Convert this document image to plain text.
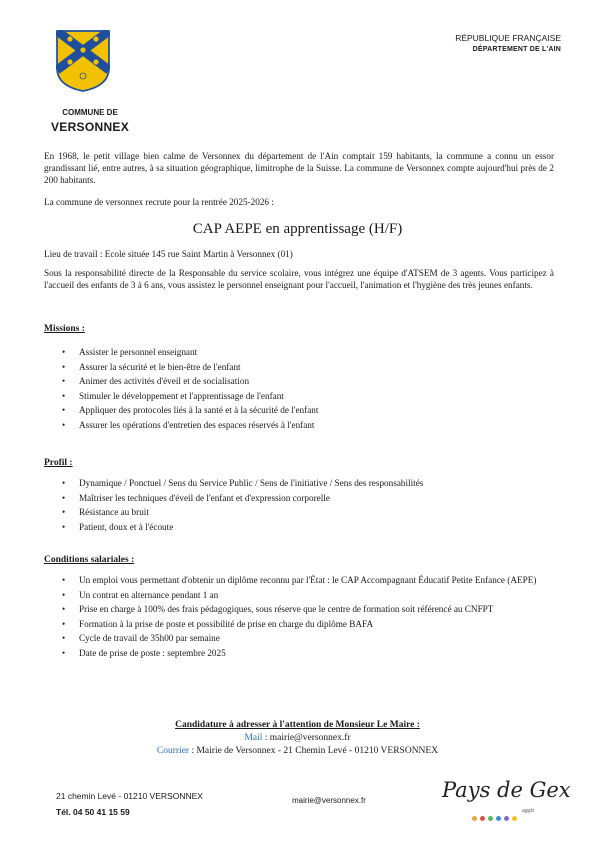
COMMUNE DE
VERSONNEX
RÉPUBLIQUE FRANÇAISE
DÉPARTEMENT DE L'AIN
En 1968, le petit village bien calme de Versonnex du département de l'Ain comptait 159 habitants, la commune a connu un essor grandissant lié, entre autres, à sa situation géographique, limitrophe de la Suisse. La commune de Versonnex compte aujourd'hui près de 2 200 habitants.
La commune de versonnex recrute pour la rentrée 2025-2026 :
CAP AEPE en apprentissage (H/F)
Lieu de travail : Ecole située 145 rue Saint Martin à Versonnex (01)
Sous la responsabilité directe de la Responsable du service scolaire, vous intégrez une équipe d'ATSEM de 3 agents. Vous participez à l'accueil des enfants de 3 à 6 ans, vous assistez le personnel enseignant pour l'accueil, l'animation et l'hygiène des très jeunes enfants.
Missions :
• Assister le personnel enseignant
• Assurer la sécurité et le bien-être de l'enfant
• Animer des activités d'éveil et de socialisation
• Stimuler le développement et l'apprentissage de l'enfant
• Appliquer des protocoles liés à la santé et à la sécurité de l'enfant
• Assurer les opérations d'entretien des espaces réservés à l'enfant
Profil :
• Dynamique / Ponctuel / Sens du Service Public / Sens de l'initiative / Sens des responsabilités
• Maîtriser les techniques d'éveil de l'enfant et d'expression corporelle
• Résistance au bruit
• Patient, doux et à l'écoute
Conditions salariales :
• Un emploi vous permettant d'obtenir un diplôme reconnu par l'État : le CAP Accompagnant Éducatif Petite Enfance (AEPE)
• Un contrat en alternance pendant 1 an
• Prise en charge à 100% des frais pédagogiques, sous réserve que le centre de formation soit référencé au CNFPT
• Formation à la prise de poste et possibilité de prise en charge du diplôme BAFA
• Cycle de travail de 35h00 par semaine
• Date de prise de poste : septembre 2025
Candidature à adresser à l'attention de Monsieur Le Maire :
Mail : mairie@versonnex.fr
Courrier : Mairie de Versonnex - 21 Chemin Levé - 01210 VERSONNEX
21 chemin Levé - 01210 VERSONNEX
Tél. 04 50 41 15 59
mairie@versonnex.fr	Pays de Gex
agglo
